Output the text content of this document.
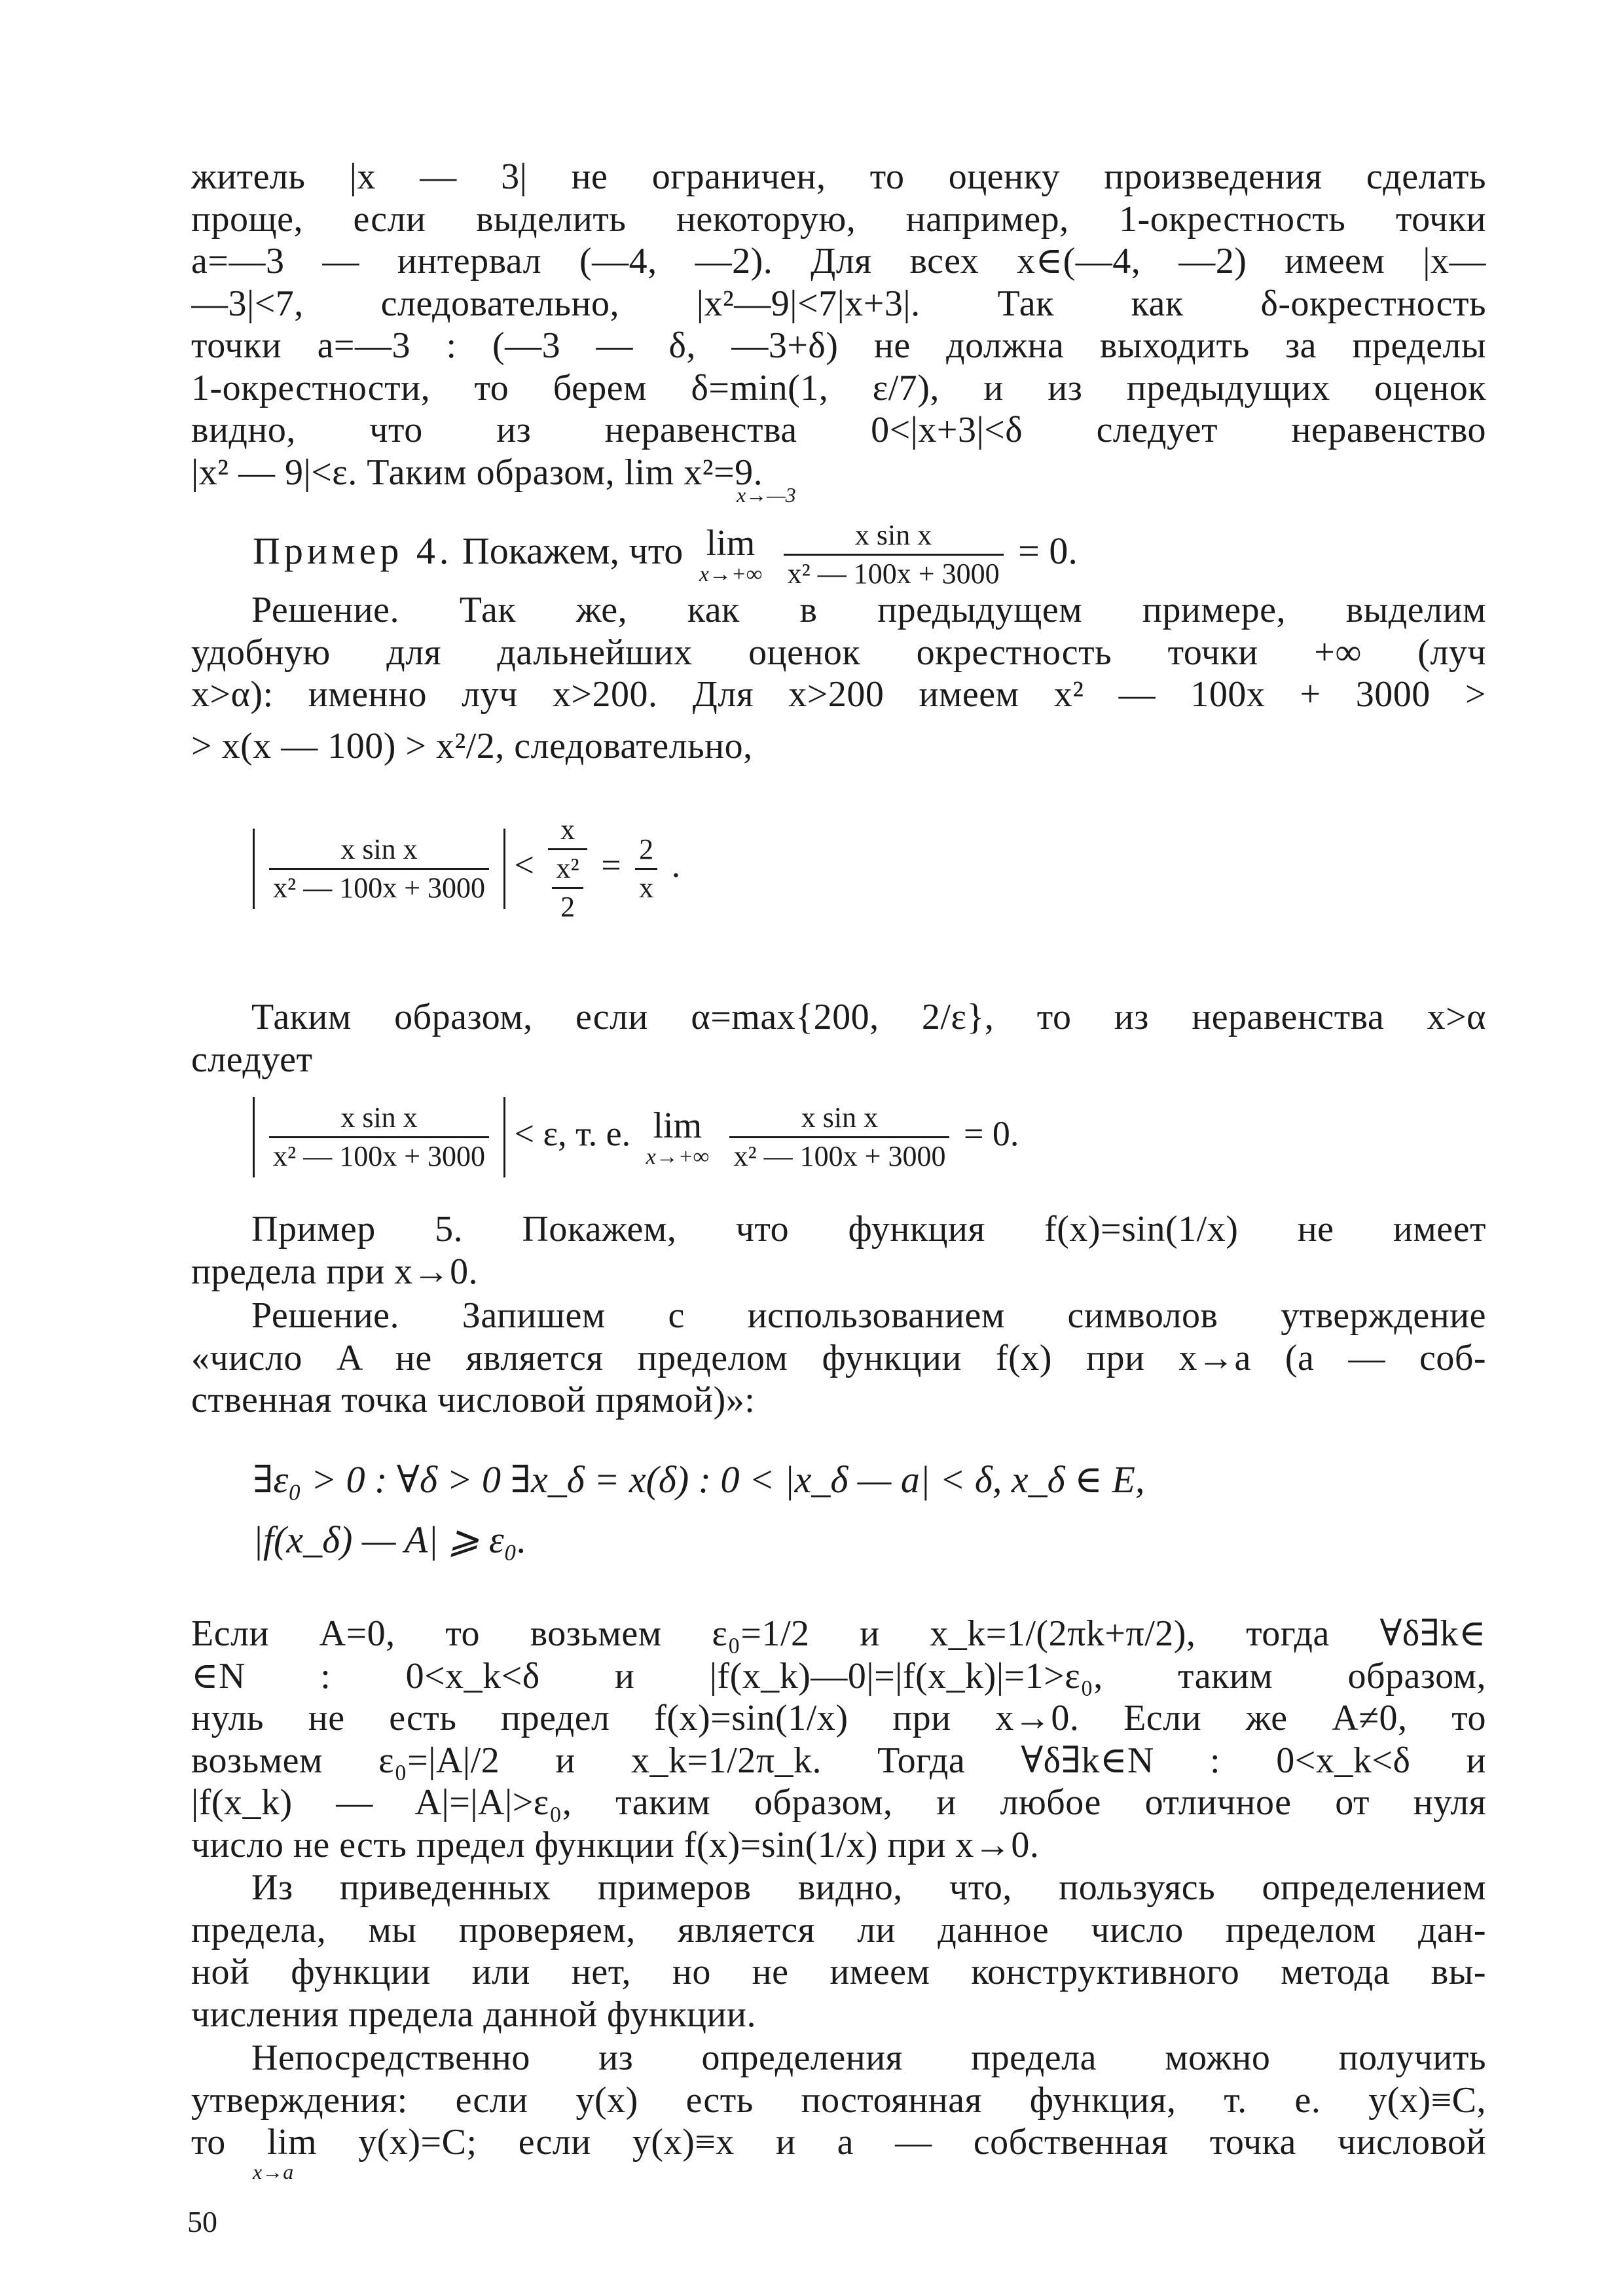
житель |x — 3| не ограничен, то оценку произведения сделать
проще, если выделить некоторую, например, 1-окрестность точки
a=—3 — интервал (—4, —2). Для всех x∈(—4, —2) имеем |x—
—3|<7, следовательно, |x²—9|<7|x+3|. Так как δ-окрестность
точки a=—3 : (—3 — δ, —3+δ) не должна выходить за пределы
1-окрестности, то берем δ=min(1, ε/7), и из предыдущих оценок
видно, что из неравенства 0<|x+3|<δ следует неравенство
|x² — 9|<ε. Таким образом, lim x²=9.
x→—3
Пример 4. Покажем, что lim
x→+∞
$\frac{\text{x sin x}}{\text{x² — 100x + 3000}} = 0$.
Решение. Так же, как в предыдущем примере, выделим
удобную для дальнейших оценок окрестность точки +∞ (луч
x>α): именно луч x>200. Для x>200 имеем x² — 100x + 3000 >
> x(x — 100) > x²/2, следовательно,
$\frac{\text{x sin x}}{\text{x² — 100x + 3000}} < \frac{x}{\frac{\text{x²}}{2}} = \frac{2}{x}$ .
Таким образом, если α=max{200, 2/ε}, то из неравенства x>α
следует
$\frac{\text{x sin x}}{\text{x² — 100x + 3000}} < \varepsilon$, т. е. lim
x→+∞
$\frac{\text{x sin x}}{\text{x² — 100x + 3000}} = 0$.
Пример 5. Покажем, что функция f(x)=sin(1/x) не имеет
предела при x→0.
Решение. Запишем с использованием символов утверждение
«число A не является пределом функции f(x) при x→a (a — соб-
ственная точка числовой прямой)»:
∃ε₀ > 0 : ∀δ > 0 ∃x_δ = x(δ) : 0 < |x_δ — a| < δ, x_δ ∈ E,
|f(x_δ) — A| ⩾ ε₀.
Если A=0, то возьмем ε₀=1/2 и x_k=1/(2πk+π/2), тогда ∀δ∃k∈
∈N : 0<x_k<δ и |f(x_k)—0|=|f(x_k)|=1>ε₀, таким образом,
нуль не есть предел f(x)=sin(1/x) при x→0. Если же A≠0, то
возьмем ε₀=|A|/2 и x_k=1/2π_k. Тогда ∀δ∃k∈N : 0<x_k<δ и
|f(x_k) — A|=|A|>ε₀, таким образом, и любое отличное от нуля
число не есть предел функции f(x)=sin(1/x) при x→0.
Из приведенных примеров видно, что, пользуясь определением
предела, мы проверяем, является ли данное число пределом дан-
ной функции или нет, но не имеем конструктивного метода вы-
числения предела данной функции.
Непосредственно из определения предела можно получить
утверждения: если y(x) есть постоянная функция, т. е. y(x)≡C,
то lim y(x)=C; если y(x)≡x и a — собственная точка числовой
x→a
50
